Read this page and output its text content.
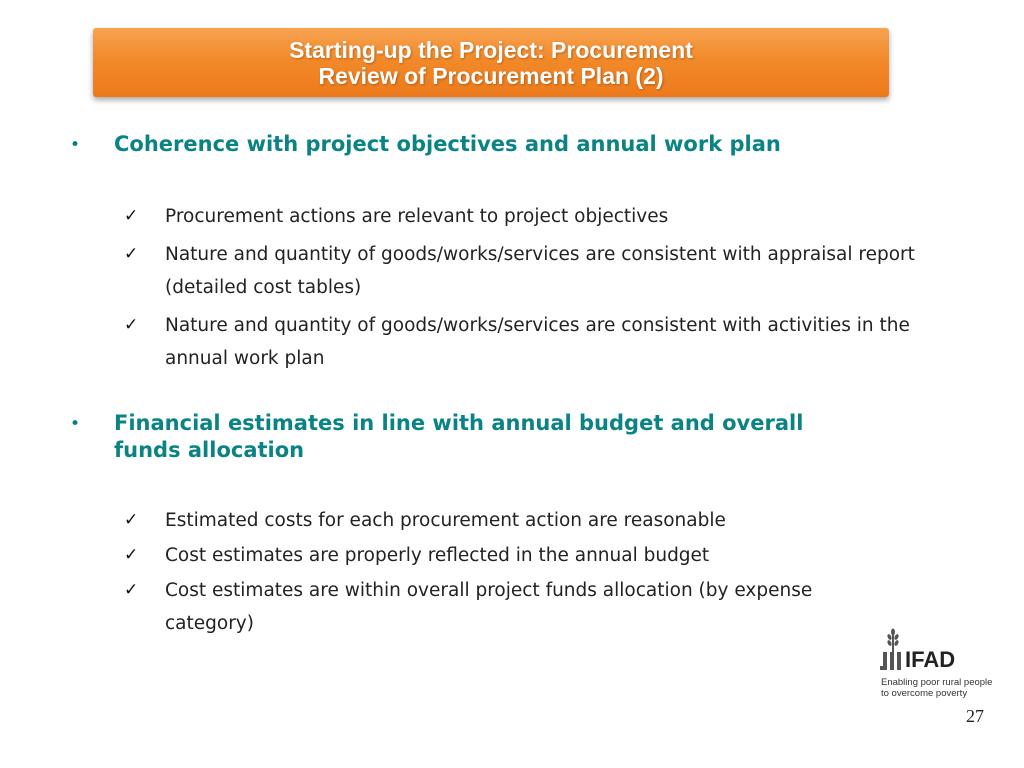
Starting-up the Project: Procurement
Review of Procurement Plan (2)
• Coherence with project objectives and annual work plan
✓ Procurement actions are relevant to project objectives
✓ Nature and quantity of goods/works/services are consistent with appraisal report (detailed cost tables)
✓ Nature and quantity of goods/works/services are consistent with activities in the annual work plan
• Financial estimates in line with annual budget and overall funds allocation
✓ Estimated costs for each procurement action are reasonable
✓ Cost estimates are properly reflected in the annual budget
✓ Cost estimates are within overall project funds allocation (by expense category)
IFAD
Enabling poor rural people
to overcome poverty
27
